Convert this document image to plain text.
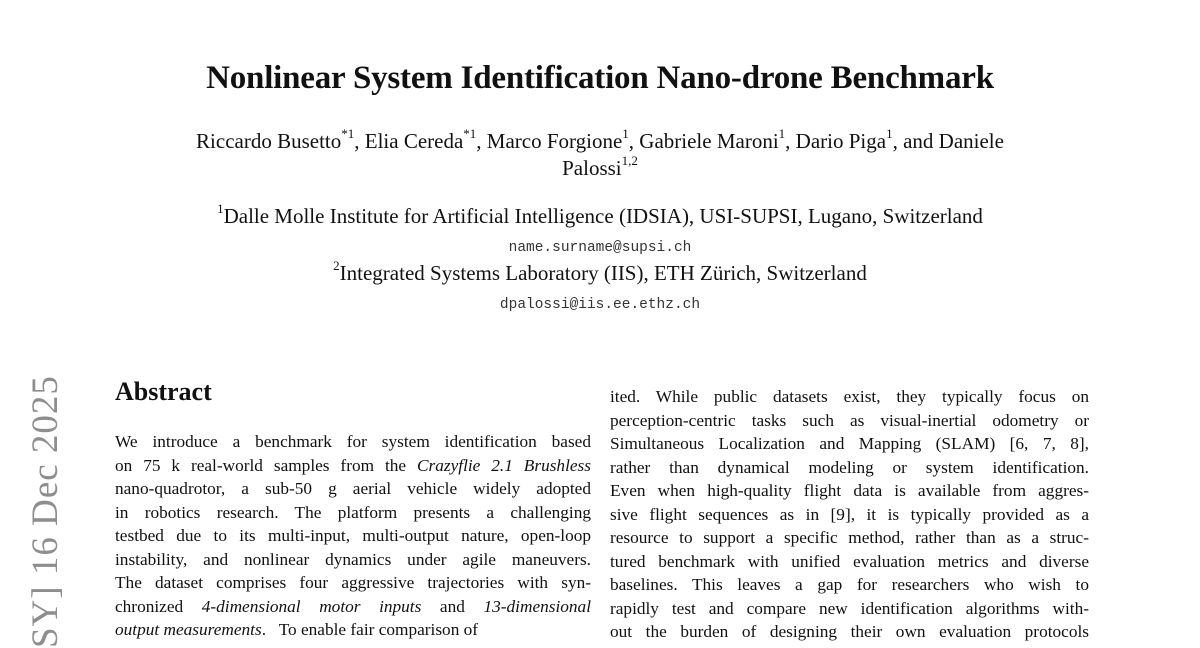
SY] 16 Dec 2025
Nonlinear System Identification Nano-drone Benchmark
Riccardo Busetto$^{*1}$, Elia Cereda$^{*1}$, Marco Forgione$^1$, Gabriele Maroni$^1$, Dario Piga$^1$, and Daniele
Palossi$^{1,2}$
$^1$Dalle Molle Institute for Artificial Intelligence (IDSIA), USI-SUPSI, Lugano, Switzerland
name.surname@supsi.ch
$^2$Integrated Systems Laboratory (IIS), ETH Zürich, Switzerland
dpalossi@iis.ee.ethz.ch
Abstract
We introduce a benchmark for system identification based
on 75 k real-world samples from the Crazyflie 2.1 Brushless
nano-quadrotor, a sub-50 g aerial vehicle widely adopted
in robotics research. The platform presents a challenging
testbed due to its multi-input, multi-output nature, open-loop
instability, and nonlinear dynamics under agile maneuvers.
The dataset comprises four aggressive trajectories with syn-
chronized 4-dimensional motor inputs and 13-dimensional
output measurements.   To enable fair comparison of
ited. While public datasets exist, they typically focus on
perception-centric tasks such as visual-inertial odometry or
Simultaneous Localization and Mapping (SLAM) [6, 7, 8],
rather than dynamical modeling or system identification.
Even when high-quality flight data is available from aggres-
sive flight sequences as in [9], it is typically provided as a
resource to support a specific method, rather than as a struc-
tured benchmark with unified evaluation metrics and diverse
baselines. This leaves a gap for researchers who wish to
rapidly test and compare new identification algorithms with-
out the burden of designing their own evaluation protocols
